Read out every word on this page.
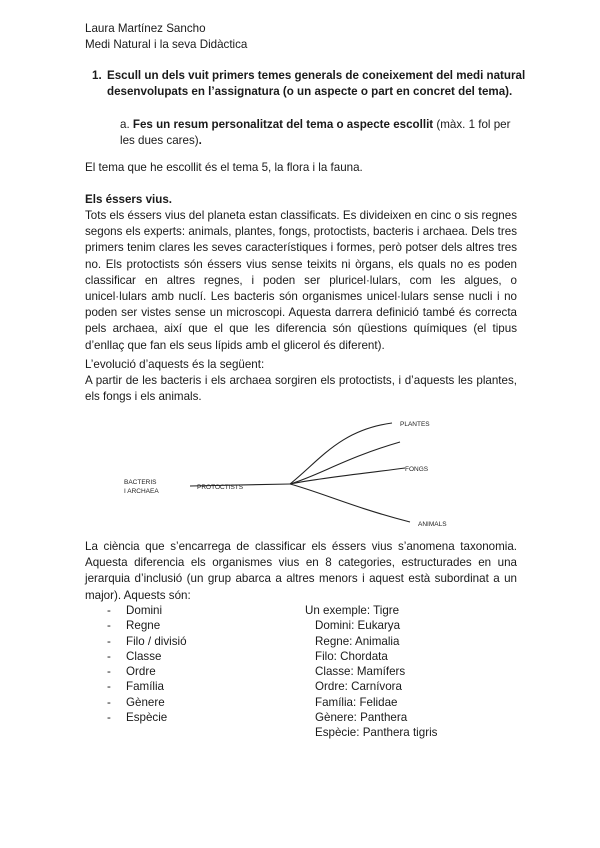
Laura Martínez Sancho
Medi Natural i la seva Didàctica
1. Escull un dels vuit primers temes generals de coneixement del medi natural desenvolupats en l’assignatura (o un aspecte o part en concret del tema).
a. Fes un resum personalitzat del tema o aspecte escollit (màx. 1 fol per les dues cares).
El tema que he escollit és el tema 5, la flora i la fauna.
Els éssers vius.
Tots els éssers vius del planeta estan classificats. Es divideixen en cinc o sis regnes segons els experts: animals, plantes, fongs, protoctists, bacteris i archaea. Dels tres primers tenim clares les seves característiques i formes, però potser dels altres tres no. Els protoctists són éssers vius sense teixits ni òrgans, els quals no es poden classificar en altres regnes, i poden ser pluricel·lulars, com les algues, o unicel·lulars amb nuclí. Les bacteris són organismes unicel·lulars sense nucli i no poden ser vistes sense un microscopi. Aquesta darrera definició també és correcta pels archaea, així que el que les diferencia són qüestions químiques (el tipus d’enllaç que fan els seus lípids amb el glicerol és diferent).
L’evolució d’aquests és la següent:
A partir de les bacteris i els archaea sorgiren els protoctists, i d’aquests les plantes, els fongs i els animals.
BACTERIS
I ARCHAEA
PROTOCTISTS
PLANTES
FONGS
ANIMALS
La ciència que s’encarrega de classificar els éssers vius s’anomena taxonomia. Aquesta diferencia els organismes vius en 8 categories, estructurades en una jerarquia d’inclusió (un grup abarca a altres menors i aquest està subordinat a un major). Aquests són:
-	Domini
-	Regne
-	Filo / divisió
-	Classe
-	Ordre
-	Família
-	Gènere
-	Espècie
Un exemple: Tigre
Domini: Eukarya
Regne: Animalia
Filo: Chordata
Classe: Mamífers
Ordre: Carnívora
Família: Felidae
Gènere: Panthera
Espècie: Panthera tigris
